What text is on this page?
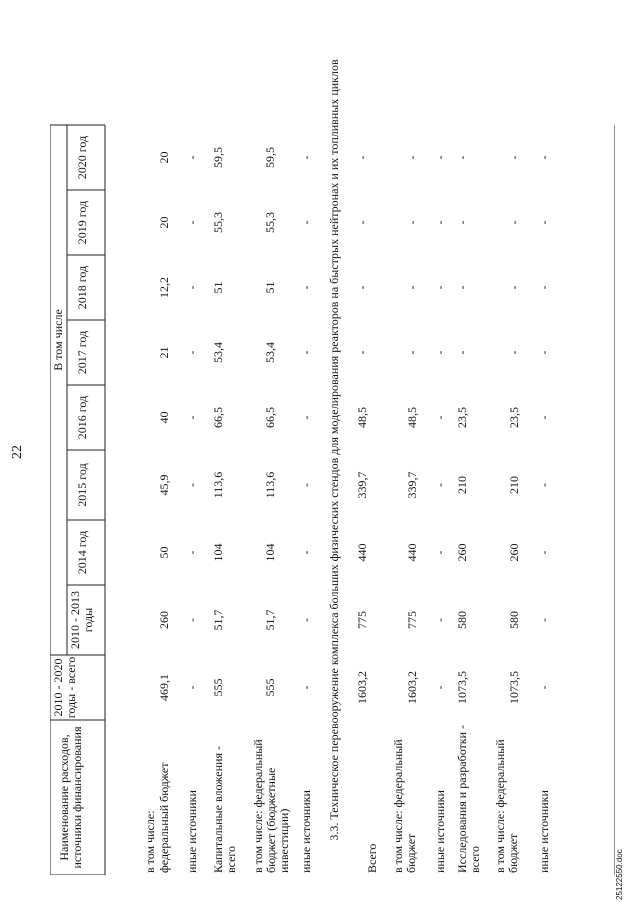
22
Наименование расходов, источники финансирования
2010 - 2020 годы - всего
В том числе
2010 - 2013 годы
2014 год
2015 год
2016 год
2017 год
2018 год
2019 год
2020 год
в том числе: федеральный бюджет
469,1
260
50
45,9
40
21
12,2
20
20
иные источники
-
-
-
-
-
-
-
-
-
Капитальные вложения - всего
555
51,7
104
113,6
66,5
53,4
51
55,3
59,5
в том числе: федеральный бюджет (бюджетные инвестиции)
555
51,7
104
113,6
66,5
53,4
51
55,3
59,5
иные источники
-
-
-
-
-
-
-
-
- 3.3. Техническое перевооружение комплекса больших физических стендов для моделирования реакторов на быстрых нейтронах и их топливных циклов
Всего
1603,2
775
440
339,7
48,5
-
-
-
-
в том числе: федеральный бюджет
1603,2
775
440
339,7
48,5
-
-
-
-
иные источники
-
-
-
-
-
-
-
-
-
Исследования и разработки - всего
1073,5
580
260
210
23,5
-
-
-
-
в том числе: федеральный бюджет
1073,5
580
260
210
23,5
-
-
-
-
иные источники
-
-
-
-
-
-
-
-
-
25122550.doc
